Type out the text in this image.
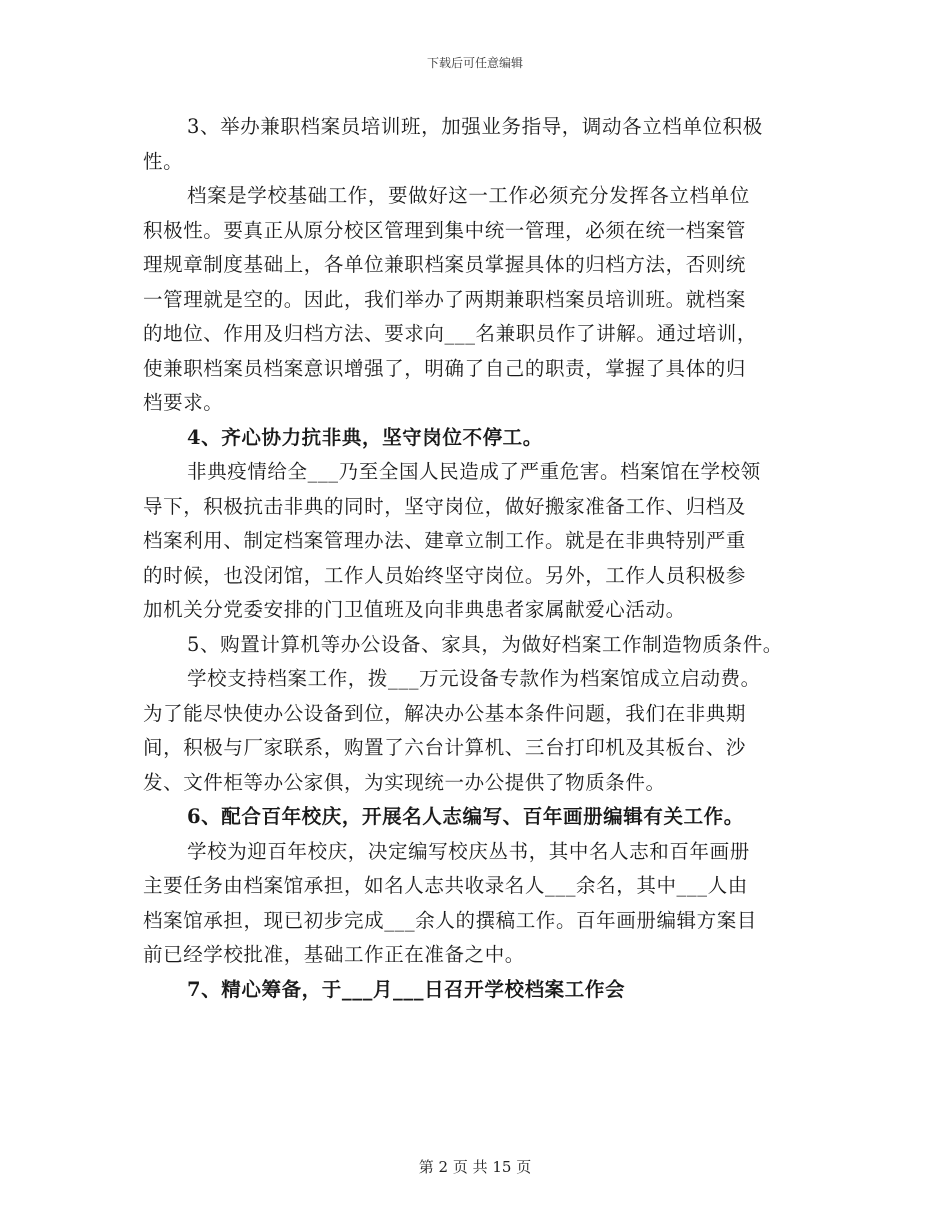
下载后可任意编辑
3、举办兼职档案员培训班，加强业务指导，调动各立档单位积极
性。
档案是学校基础工作，要做好这一工作必须充分发挥各立档单位
积极性。要真正从原分校区管理到集中统一管理，必须在统一档案管
理规章制度基础上，各单位兼职档案员掌握具体的归档方法，否则统
一管理就是空的。因此，我们举办了两期兼职档案员培训班。就档案
的地位、作用及归档方法、要求向___名兼职员作了讲解。通过培训，
使兼职档案员档案意识增强了，明确了自己的职责，掌握了具体的归
档要求。
4、齐心协力抗非典，坚守岗位不停工。
非典疫情给全___乃至全国人民造成了严重危害。档案馆在学校领
导下，积极抗击非典的同时，坚守岗位，做好搬家准备工作、归档及
档案利用、制定档案管理办法、建章立制工作。就是在非典特别严重
的时候，也没闭馆，工作人员始终坚守岗位。另外，工作人员积极参
加机关分党委安排的门卫值班及向非典患者家属献爱心活动。
5、购置计算机等办公设备、家具，为做好档案工作制造物质条件。
学校支持档案工作，拨___万元设备专款作为档案馆成立启动费。
为了能尽快使办公设备到位，解决办公基本条件问题，我们在非典期
间，积极与厂家联系，购置了六台计算机、三台打印机及其板台、沙
发、文件柜等办公家俱，为实现统一办公提供了物质条件。
6、配合百年校庆，开展名人志编写、百年画册编辑有关工作。
学校为迎百年校庆，决定编写校庆丛书，其中名人志和百年画册
主要任务由档案馆承担，如名人志共收录名人___余名，其中___人由
档案馆承担，现已初步完成___余人的撰稿工作。百年画册编辑方案目
前已经学校批准，基础工作正在准备之中。
7、精心筹备，于___月___日召开学校档案工作会
第 2 页 共 15 页
